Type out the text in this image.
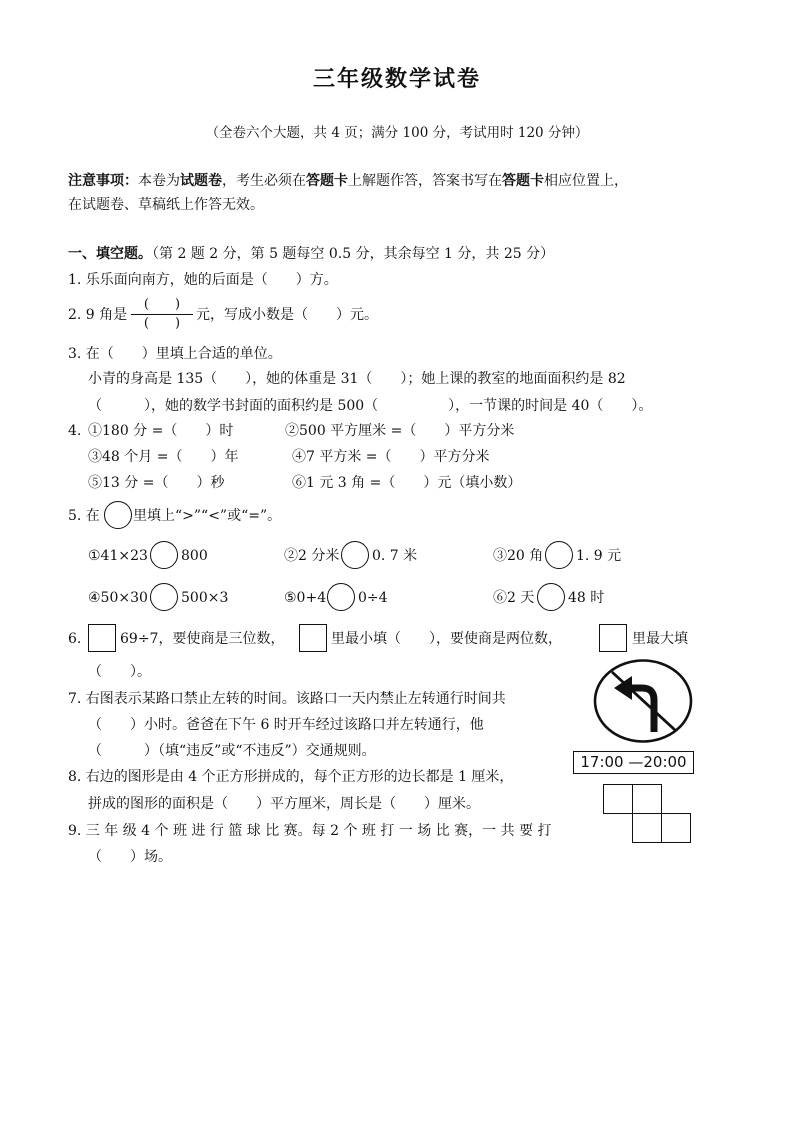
三年级数学试卷
（全卷六个大题，共 4 页；满分 100 分，考试用时 120 分钟）
注意事项：本卷为试题卷，考生必须在答题卡上解题作答，答案书写在答题卡相应位置上，
在试题卷、草稿纸上作答无效。
一、填空题。（第 2 题 2 分，第 5 题每空 0.5 分，其余每空 1 分，共 25 分）
1. 乐乐面向南方，她的后面是（　　）方。
2. 9 角是
(　　)
(　　)
元，写成小数是（　　）元。
3. 在（　　）里填上合适的单位。
小青的身高是 135（　　），她的体重是 31（　　）；她上课的教室的地面面积约是 82
（　　　），她的数学书封面的面积约是 500（　　　　　），一节课的时间是 40（　　）。
4. ①180 分 =（　　）时	②500 平方厘米 =（　　）平方分米
③48 个月 =（　　）年	④7 平方米 =（　　）平方分米
⑤13 分 =（　　）秒	⑥1 元 3 角 =（　　）元（填小数）
5. 在 里填上“>”“<”或“=”。
①41×23 800	②2 分米 0. 7 米	③20 角 1. 9 元
④50×30 500×3	⑤0+4 0÷4	⑥2 天 48 时
6.	69÷7，要使商是三位数，	里最小填（　　），要使商是两位数，	里最大填
（　　）。
7. 右图表示某路口禁止左转的时间。该路口一天内禁止左转通行时间共
（　　）小时。爸爸在下午 6 时开车经过该路口并左转通行，他
（　　　）（填“违反”或“不违反”）交通规则。
17:00 —20:00
8. 右边的图形是由 4 个正方形拼成的，每个正方形的边长都是 1 厘米，
拼成的图形的面积是（　　）平方厘米，周长是（　　）厘米。
9. 三 年 级 4 个 班 进 行 篮 球 比 赛。每 2 个 班 打 一 场 比 赛，一 共 要 打
（　　）场。
